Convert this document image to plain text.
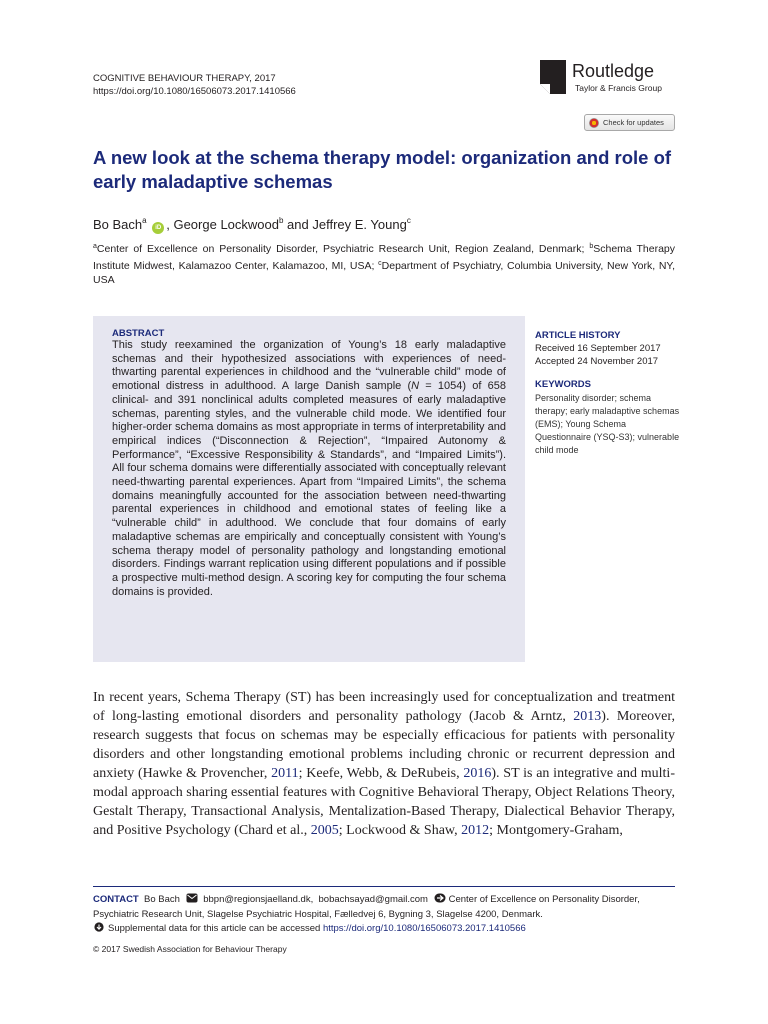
COGNITIVE BEHAVIOUR THERAPY, 2017
https://doi.org/10.1080/16506073.2017.1410566
ROUTLEDGE
Routledge
Taylor & Francis Group
Check for updates
A new look at the schema therapy model: organization and role of early maladaptive schemas
Bo Bach$^a$ iD , George Lockwood$^b$ and Jeffrey E. Young$^c$
$^a$Center of Excellence on Personality Disorder, Psychiatric Research Unit, Region Zealand, Denmark; $^b$Schema Therapy Institute Midwest, Kalamazoo Center, Kalamazoo, MI, USA; $^c$Department of Psychiatry, Columbia University, New York, NY, USA
ABSTRACT

This study reexamined the organization of Young’s 18 early maladaptive schemas and their hypothesized associations with experiences of need-thwarting parental experiences in childhood and the “vulnerable child” mode of emotional distress in adulthood. A large Danish sample (N = 1054) of 658 clinical- and 391 nonclinical adults completed measures of early maladaptive schemas, parenting styles, and the vulnerable child mode. We identified four higher-order schema domains as most appropriate in terms of interpretability and empirical indices (“Disconnection & Rejection”, “Impaired Autonomy & Performance”, “Excessive Responsibility & Standards”, and “Impaired Limits”). All four schema domains were differentially associated with conceptually relevant need-thwarting parental experiences. Apart from “Impaired Limits”, the schema domains meaningfully accounted for the association between need-thwarting parental experiences in childhood and emotional states of feeling like a “vulnerable child” in adulthood. We conclude that four domains of early maladaptive schemas are empirically and conceptually consistent with Young’s schema therapy model of personality pathology and longstanding emotional disorders. Findings warrant replication using different populations and if possible a prospective multi-method design. A scoring key for computing the four schema domains is provided.

ARTICLE HISTORY
Received 16 September 2017
Accepted 24 November 2017
KEYWORDS
Personality disorder; schema therapy; early maladaptive schemas (EMS); Young Schema Questionnaire (YSQ-S3); vulnerable child mode

In recent years, Schema Therapy (ST) has been increasingly used for conceptualization and treatment of long-lasting emotional disorders and personality pathology (Jacob & Arntz, 2013). Moreover, research suggests that focus on schemas may be especially efficacious for patients with personality disorders and other longstanding emotional problems including chronic or recurrent depression and anxiety (Hawke & Provencher, 2011; Keefe, Webb, & DeRubeis, 2016). ST is an integrative and multi-modal approach sharing essential features with Cognitive Behavioral Therapy, Object Relations Theory, Gestalt Therapy, Transactional Analysis, Mentalization-Based Therapy, Dialectical Behavior Therapy, and Positive Psychology (Chard et al., 2005; Lockwood & Shaw, 2012; Montgomery-Graham,

CONTACT Bo Bach bbpn@regionsjaelland.dk,  bobachsayad@gmail.com Center of Excellence on Personality Disorder, Psychiatric Research Unit, Slagelse Psychiatric Hospital, Fælledvej 6, Bygning 3, Slagelse 4200, Denmark.
Supplemental data for this article can be accessed https://doi.org/10.1080/16506073.2017.1410566
© 2017 Swedish Association for Behaviour Therapy
